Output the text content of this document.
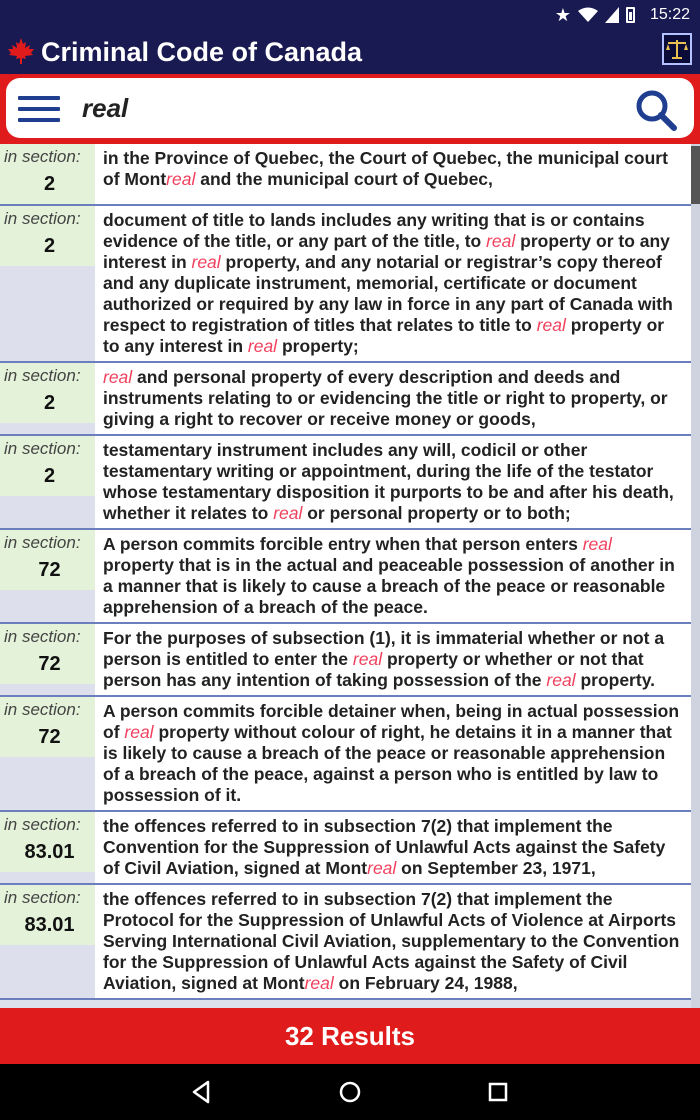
★	15:22
Criminal Code of Canada
real
in section:
2
in the Province of Quebec, the Court of Quebec, the municipal court of Montreal and the municipal court of Quebec,
in section:
2
document of title to lands includes any writing that is or contains evidence of the title, or any part of the title, to real property or to any interest in real property, and any notarial or registrar’s copy thereof and any duplicate instrument, memorial, certificate or document authorized or required by any law in force in any part of Canada with respect to registration of titles that relates to title to real property or to any interest in real property;
in section:
2
real and personal property of every description and deeds and instruments relating to or evidencing the title or right to property, or giving a right to recover or receive money or goods,
in section:
2
testamentary instrument includes any will, codicil or other testamentary writing or appointment, during the life of the testator whose testamentary disposition it purports to be and after his death, whether it relates to real or personal property or to both;
in section:
72
A person commits forcible entry when that person enters real property that is in the actual and peaceable possession of another in a manner that is likely to cause a breach of the peace or reasonable apprehension of a breach of the peace.
in section:
72
For the purposes of subsection (1), it is immaterial whether or not a person is entitled to enter the real property or whether or not that person has any intention of taking possession of the real property.
in section:
72
A person commits forcible detainer when, being in actual possession of real property without colour of right, he detains it in a manner that is likely to cause a breach of the peace or reasonable apprehension of a breach of the peace, against a person who is entitled by law to possession of it.
in section:
83.01
the offences referred to in subsection 7(2) that implement the Convention for the Suppression of Unlawful Acts against the Safety of Civil Aviation, signed at Montreal on September 23, 1971,
in section:
83.01
the offences referred to in subsection 7(2) that implement the Protocol for the Suppression of Unlawful Acts of Violence at Airports Serving International Civil Aviation, supplementary to the Convention for the Suppression of Unlawful Acts against the Safety of Civil Aviation, signed at Montreal on February 24, 1988,
32 Results
